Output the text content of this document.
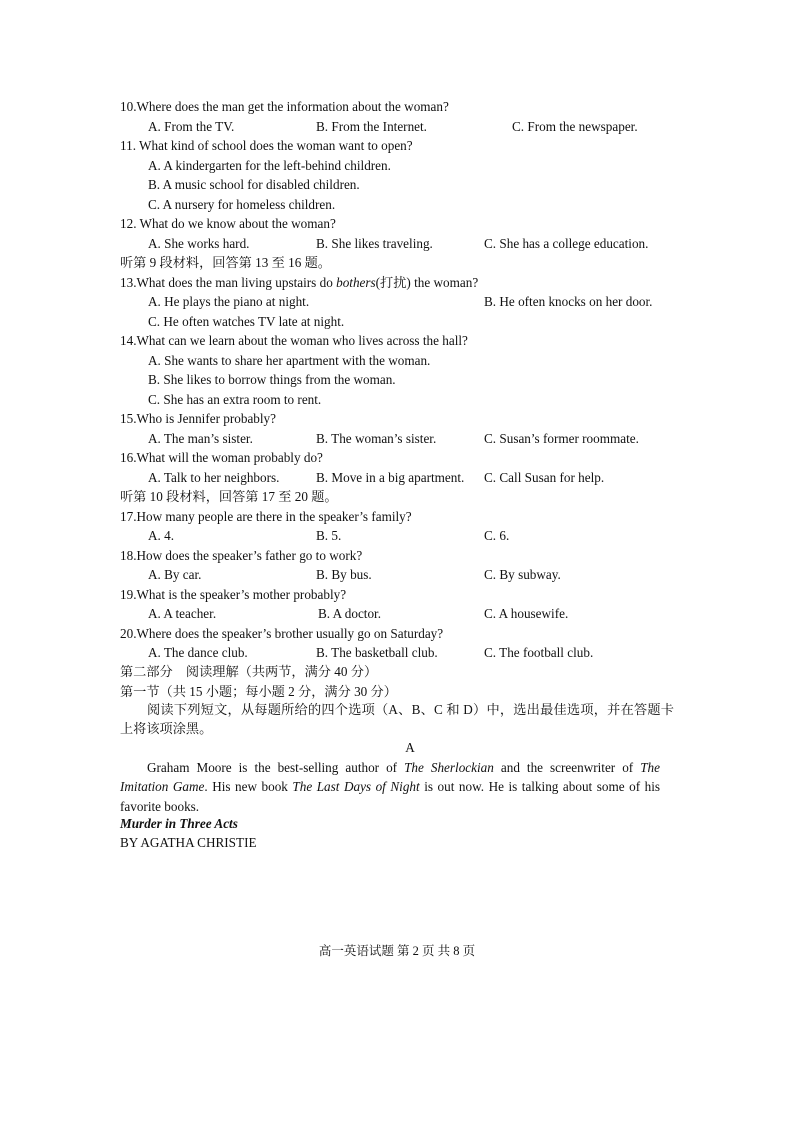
10.Where does the man get the information about the woman?
A. From the TV.	B. From the Internet.	C. From the newspaper.
11. What kind of school does the woman want to open?
A. A kindergarten for the left-behind children.
B. A music school for disabled children.
C. A nursery for homeless children.
12. What do we know about the woman?
A. She works hard.	B. She likes traveling.	C. She has a college education.
听第 9 段材料，回答第 13 至 16 题。
13.What does the man living upstairs do bothers(打扰) the woman?
A. He plays the piano at night.	B. He often knocks on her door.
C. He often watches TV late at night.
14.What can we learn about the woman who lives across the hall?
A. She wants to share her apartment with the woman.
B. She likes to borrow things from the woman.
C. She has an extra room to rent.
15.Who is Jennifer probably?
A. The man’s sister.	B. The woman’s sister.	C. Susan’s former roommate.
16.What will the woman probably do?
A. Talk to her neighbors.	B. Move in a big apartment. C. Call Susan for help.
听第 10 段材料，回答第 17 至 20 题。
17.How many people are there in the speaker’s family?
A. 4.	B. 5.	C. 6.
18.How does the speaker’s father go to work?
A. By car.	B. By bus.	C. By subway.
19.What is the speaker’s mother probably?
A. A teacher.	B. A doctor.	C. A housewife.
20.Where does the speaker’s brother usually go on Saturday?
A. The dance club.	B. The basketball club.	C. The football club.
第二部分　阅读理解（共两节，满分 40 分）
第一节（共 15 小题；每小题 2 分，满分 30 分）
阅读下列短文，从每题所给的四个选项（A、B、C 和 D）中，选出最佳选项，并在答题卡上将该项涂黑。
A
Graham Moore is the best-selling author of The Sherlockian and the screenwriter of The Imitation Game. His new book The Last Days of Night is out now. He is talking about some of his favorite books.
Murder in Three Acts
BY AGATHA CHRISTIE
高一英语试题 第 2 页 共 8 页
